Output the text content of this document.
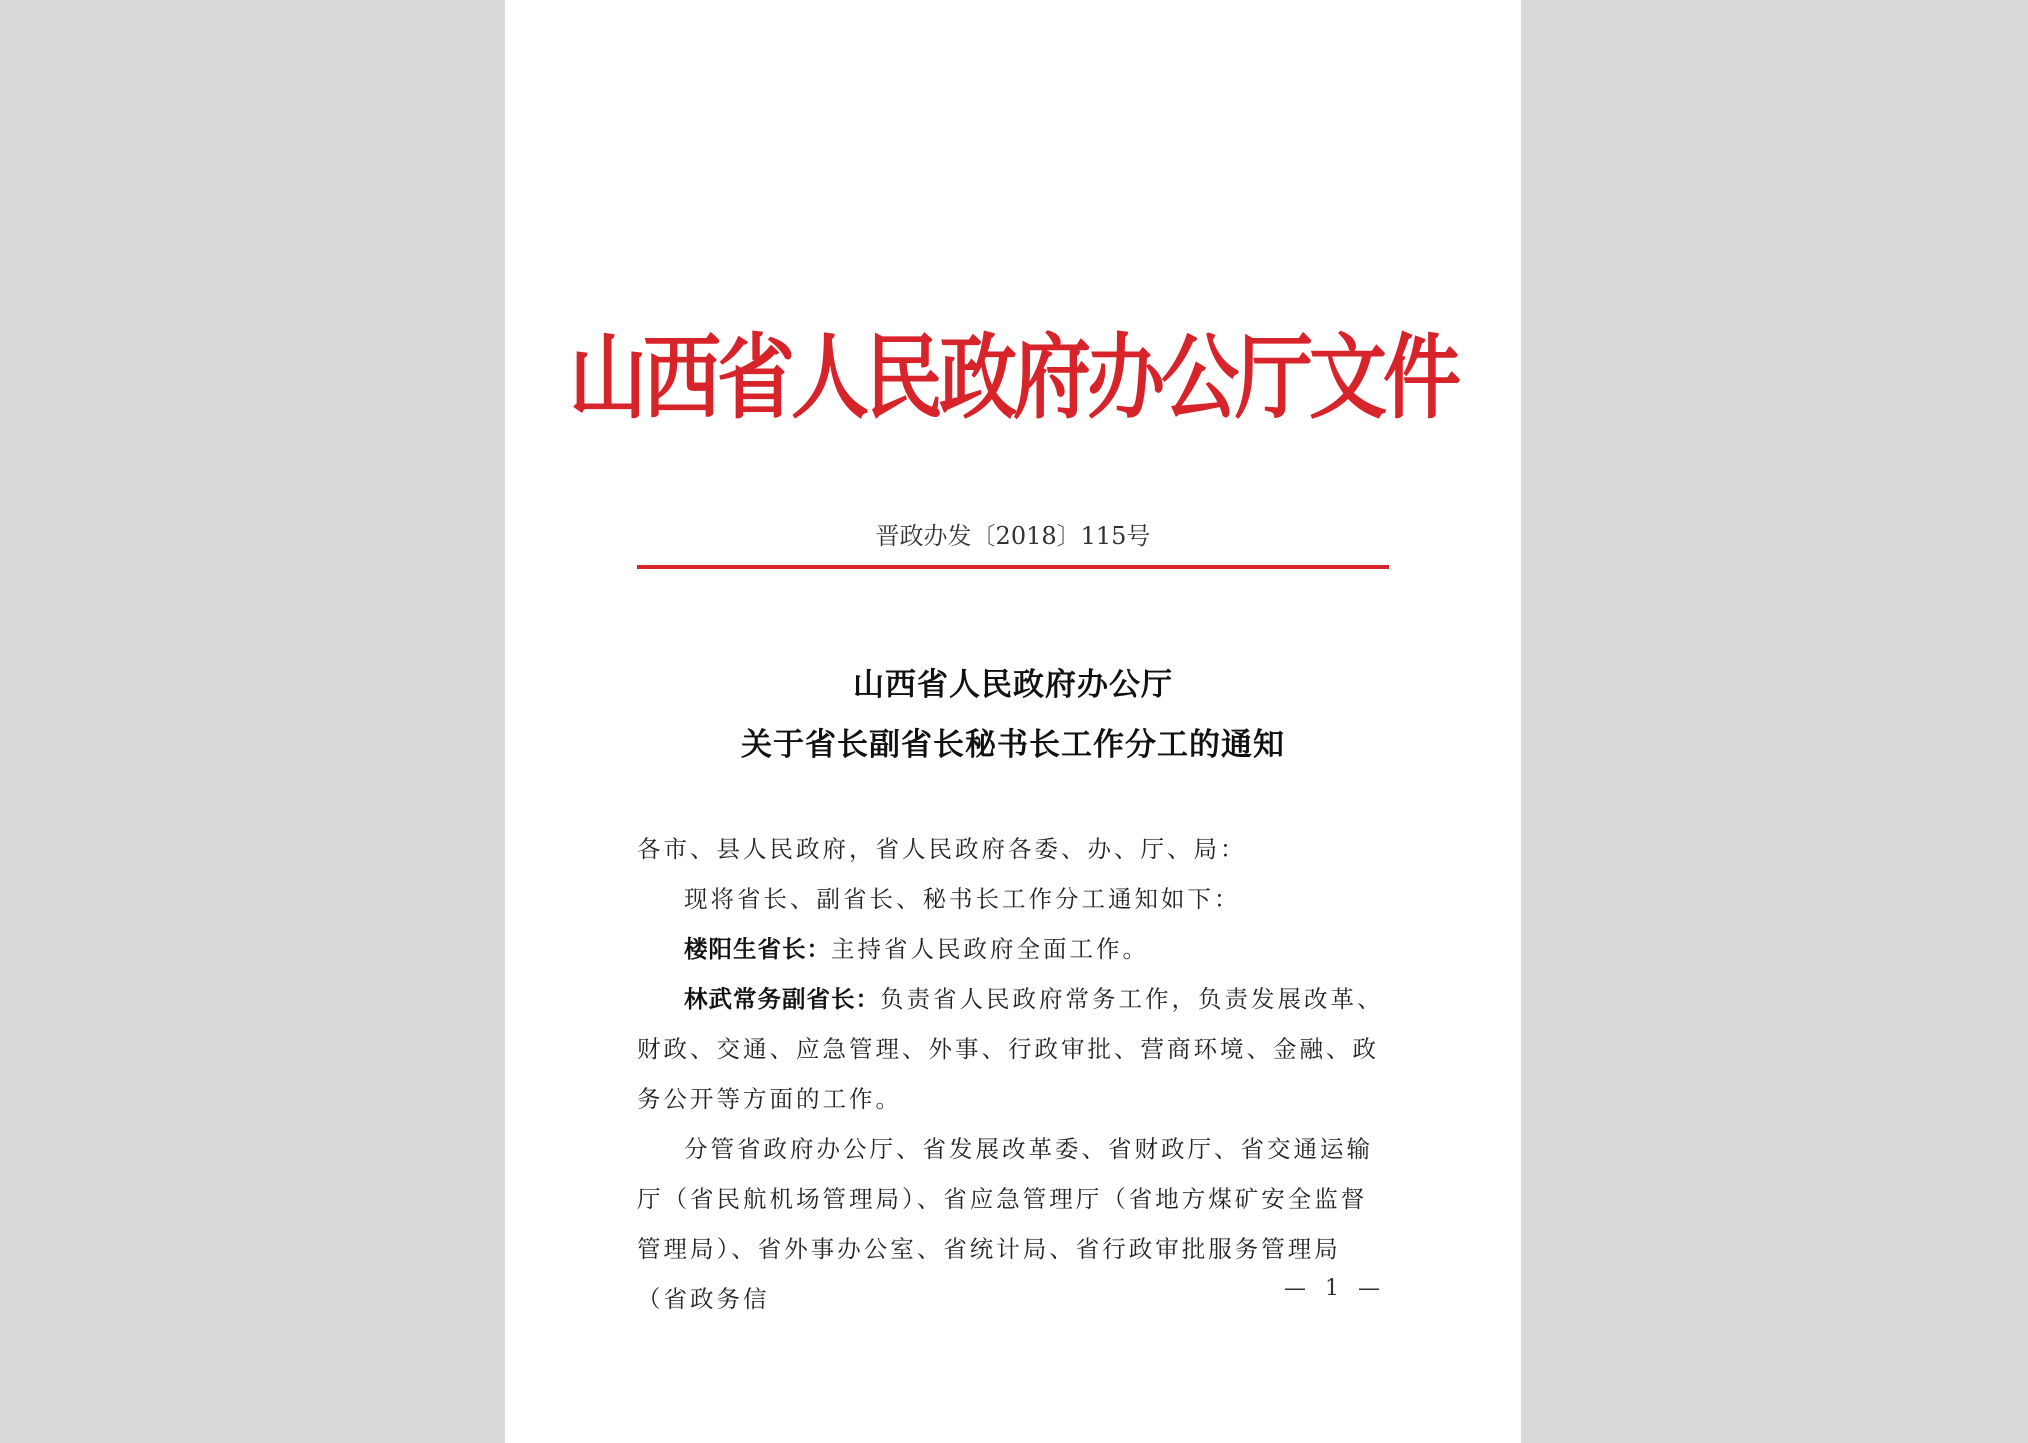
山西省人民政府办公厅文件
晋政办发〔2018〕115号
山西省人民政府办公厅
关于省长副省长秘书长工作分工的通知
各市、县人民政府，省人民政府各委、办、厅、局：
现将省长、副省长、秘书长工作分工通知如下：
楼阳生省长：主持省人民政府全面工作。
林武常务副省长：负责省人民政府常务工作，负责发展改革、财政、交通、应急管理、外事、行政审批、营商环境、金融、政务公开等方面的工作。
分管省政府办公厅、省发展改革委、省财政厅、省交通运输厅（省民航机场管理局）、省应急管理厅（省地方煤矿安全监督管理局）、省外事办公室、省统计局、省行政审批服务管理局（省政务信	— 1 —
